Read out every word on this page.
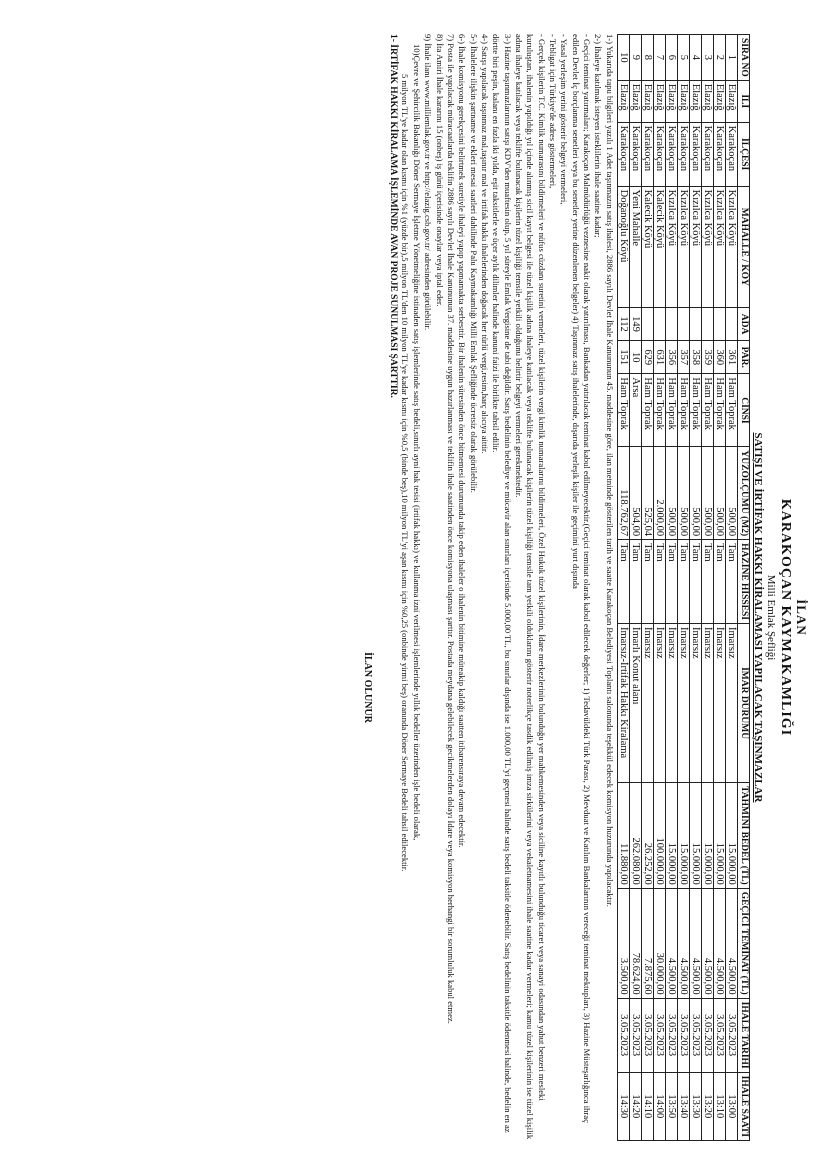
İLAN
KARAKOÇAN KAYMAKAMLIĞI
Milli Emlak Şefliği
SATIŞI VE İRTİFAK HAKKI KİRALAMASI YAPILACAK TAŞINMAZLAR
SIRA NO	İLİ	İLÇESİ	MAHALLE / KÖY	ADA	PAR.	CİNSİ	YÜZÖLÇÜMÜ (M2)	HAZİNE HİSSESİ	İMAR DURUMU	TAHMİNİ BEDEL (TL)	GEÇİCİ TEMİNAT (TL)	İHALE TARİHİ	İHALE SAATİ
1	Elazığ	Karakoçan	Kızılca Köyü		361	Ham Toprak	500,00	Tam	İmarsız	15.000,00	4.500,00	3.05.2023	13:00
2	Elazığ	Karakoçan	Kızılca Köyü		360	Ham Toprak	500,00	Tam	İmarsız	15.000,00	4.500,00	3.05.2023	13:10
3	Elazığ	Karakoçan	Kızılca Köyü		359	Ham Toprak	500,00	Tam	İmarsız	15.000,00	4.500,00	3.05.2023	13:20
4	Elazığ	Karakoçan	Kızılca Köyü		358	Ham Toprak	500,00	Tam	İmarsız	15.000,00	4.500,00	3.05.2023	13:30
5	Elazığ	Karakoçan	Kızılca Köyü		357	Ham Toprak	500,00	Tam	İmarsız	15.000,00	4.500,00	3.05.2023	13:40
6	Elazığ	Karakoçan	Kızılca Köyü		356	Ham Toprak	500,00	Tam	İmarsız	15.000,00	4.500,00	3.05.2023	13:50
7	Elazığ	Karakoçan	Kalecik Köyü		631	Ham Toprak	2.000,00	Tam	İmarsız	100.000,00	30.000,00	3.05.2023	14:00
8	Elazığ	Karakoçan	Kalecik Köyü		629	Ham Toprak	525,04	Tam	İmarsız	26.252,00	7.875,60	3.05.2023	14:10
9	Elazığ	Karakoçan	Yeni Mahalle	149	10	Arsa	504,00	Tam	İmarlı Konut alanı	262.080,00	78.624,00	3.05.2023	14:20
10	Elazığ	Karakoçan	Doğanoğlu Köyü	112	151	Ham Toprak	118.762,67	Tam	İmarsız-İrtifak Hakkı Kiralama	11.880,00	3.500,00	3.05.2023	14:30

1-) Yukarıda tapu bilgileri yazılı 1 Adet taşınmazın satış ihalesi, 2886 sayılı Devlet İhale Kanununun 45. maddesine göre, ilan metninde gösterilen tarih ve saatte Karakoçan Belediyesi Toplantı salonunda teşekkül edecek komisyon huzurunda yapılacaktır.

2-) İhaleye katılmak isteyen isteklilerin ihale saatine kadar;

- Geçici teminat yatırmaları; Karakoçan Malmüdürlüğü veznesine nakit olarak yatırılması, Bankadan yatırılacak teminat kabul edilmeyecektir.(Geçici teminat olarak kabul edilecek değerler; 1) Tedavüldeki Türk Parası, 2) Mevduat ve Katılım Bankalarının vereceği teminat mektupları, 3) Hazine Müsteşarlığınca ihraç edilen Devlet İç borçlanma senetleri veya bu senetler yerine düzenlenen belgeler) 4) Taşınmaz satış ihalelerinde, dışarıda yerleşik kişiler ile geçimini yurt dışında

- Yasal yerleşim yerini gösterir belgeyi vermeleri,

- Tebligat için Türkiye'de adres göstermeleri,

- Gerçek kişilerin T.C. Kimlik numarasını bildirmeleri ve nüfus cüzdanı suretini vermeleri, tüzel kişilerin vergi kimlik numaralarını bildirmeleri, Özel Hukuk tüzel kişilerinin, İdare merkezlerinin bulunduğu yer mahkemesinden veya siciline kayıtlı bulunduğu ticaret veya sanayi odasından yahut benzeri mesleki kuruluştan, ihalenin yapıldığı yıl içinde alınmış sicil kayıt belgesi ile tüzel kişilik adına ihaleye katılacak veya teklifte bulunacak kişilerin tüzel kişiliği temsile tam yetkili olduklarını gösterir noterlikçe tasdik edilmiş imza sirkülerini veya vekaletnamesini ihale saatine kadar vermeleri; kamu tüzel kişilerinin ise tüzel kişilik adına ihaleye katılacak veya teklifte bulunacak kişilerin tüzel kişiliği temsile yetkili olduğunu belirtir belgeyi vermeleri gerekmektedir.

3-) Hazine taşınmazlarının satışı KDV'den muaftesin olup, 5 yıl süreyle Emlak Vergisine de tabi değildir. Satış bedelinin belediye ve mücavir alan sınırları içerisinde 5.000,00 TL, bu sınırlar dışında ise 1.000,00 TL'yi geçmesi halinde satış bedeli taksitle ödenebilir. Satış bedelinin taksitle ödenmesi halinde, bedelin en az dörtte biri peşin, kalanı en fazla iki yılda, eşit taksitlerle ve üçer aylık dilimler halinde kanuni faizi ile birlikte tahsil edilir.

4-) Satışı yapılacak taşınmaz mal,taşınır mal ve irtifak hakkı ihalelerinden doğacak her türlü vergi,resim,harç alıcıya aittir.

5-) İhalelere ilişkin şartname ve ekleri mesai saatleri dahilinde Palu Kaymakamlığı Milli Emlak Şefliğinde ücretsiz olarak görülebilir.

6-) İhale komisyonu gerekçesini belirtmek suretiyle ihaleyi yapıp yapmamakta serbesttir. Bir ihalenin süresinden önce bitmemesi durumunda takip eden ihaleler o ihalenin bitimine müteakip kaldığı saatten itibarensıraya devam edecektir.

7) Posta ile yapılacak müracaatlarda teklifin 2886 sayılı Devlet İhale Kanununun 37. maddesine uygun hazırlanması ve teklifin ihale saatinden önce komisyona ulaşması şarttır. Postada meydana gelebilecek gecikmelerden dolayı İdare veya komisyon herhangi bir sorumluluk kabul etmez.

8) İta Amiri İhale kararını 15 (onbeş) iş günü içerisinde onaylar veya iptal eder.

9) İhale ilanı www.milliemlak.gov.tr ve http://elazig.csb.gov.tr/ adresinden görülebilir.

10)Çevre ve Şehircilik Bakanlığı Döner Sermaye İşletme Yönetmeliğine istinaden satış işlemlerinde satış bedeli,sınırlı ayni hak tesisi (irtifak hakkı) ve kullanma izni verilmesi işlemlerinde yıllık bedeller üzerinden işle bedeli olarak,

5 milyon TL'ye kadar olan kısmı için %1 (yüzde bir),5 milyon TL'den 10 milyon TL'ye kadar kısmı için %0,5 (binde beş),10 milyon TL'yi aşan kısmı için %0,25 (onbinde yirmi beş) oranında Döner Sermaye Bedeli tahsil edilecektir.

1- İRTİFAK HAKKI KİRALAMA İŞLEMİNDE AVAN PROJE SUNULMASI ŞARTTIR.

İLAN OLUNUR
